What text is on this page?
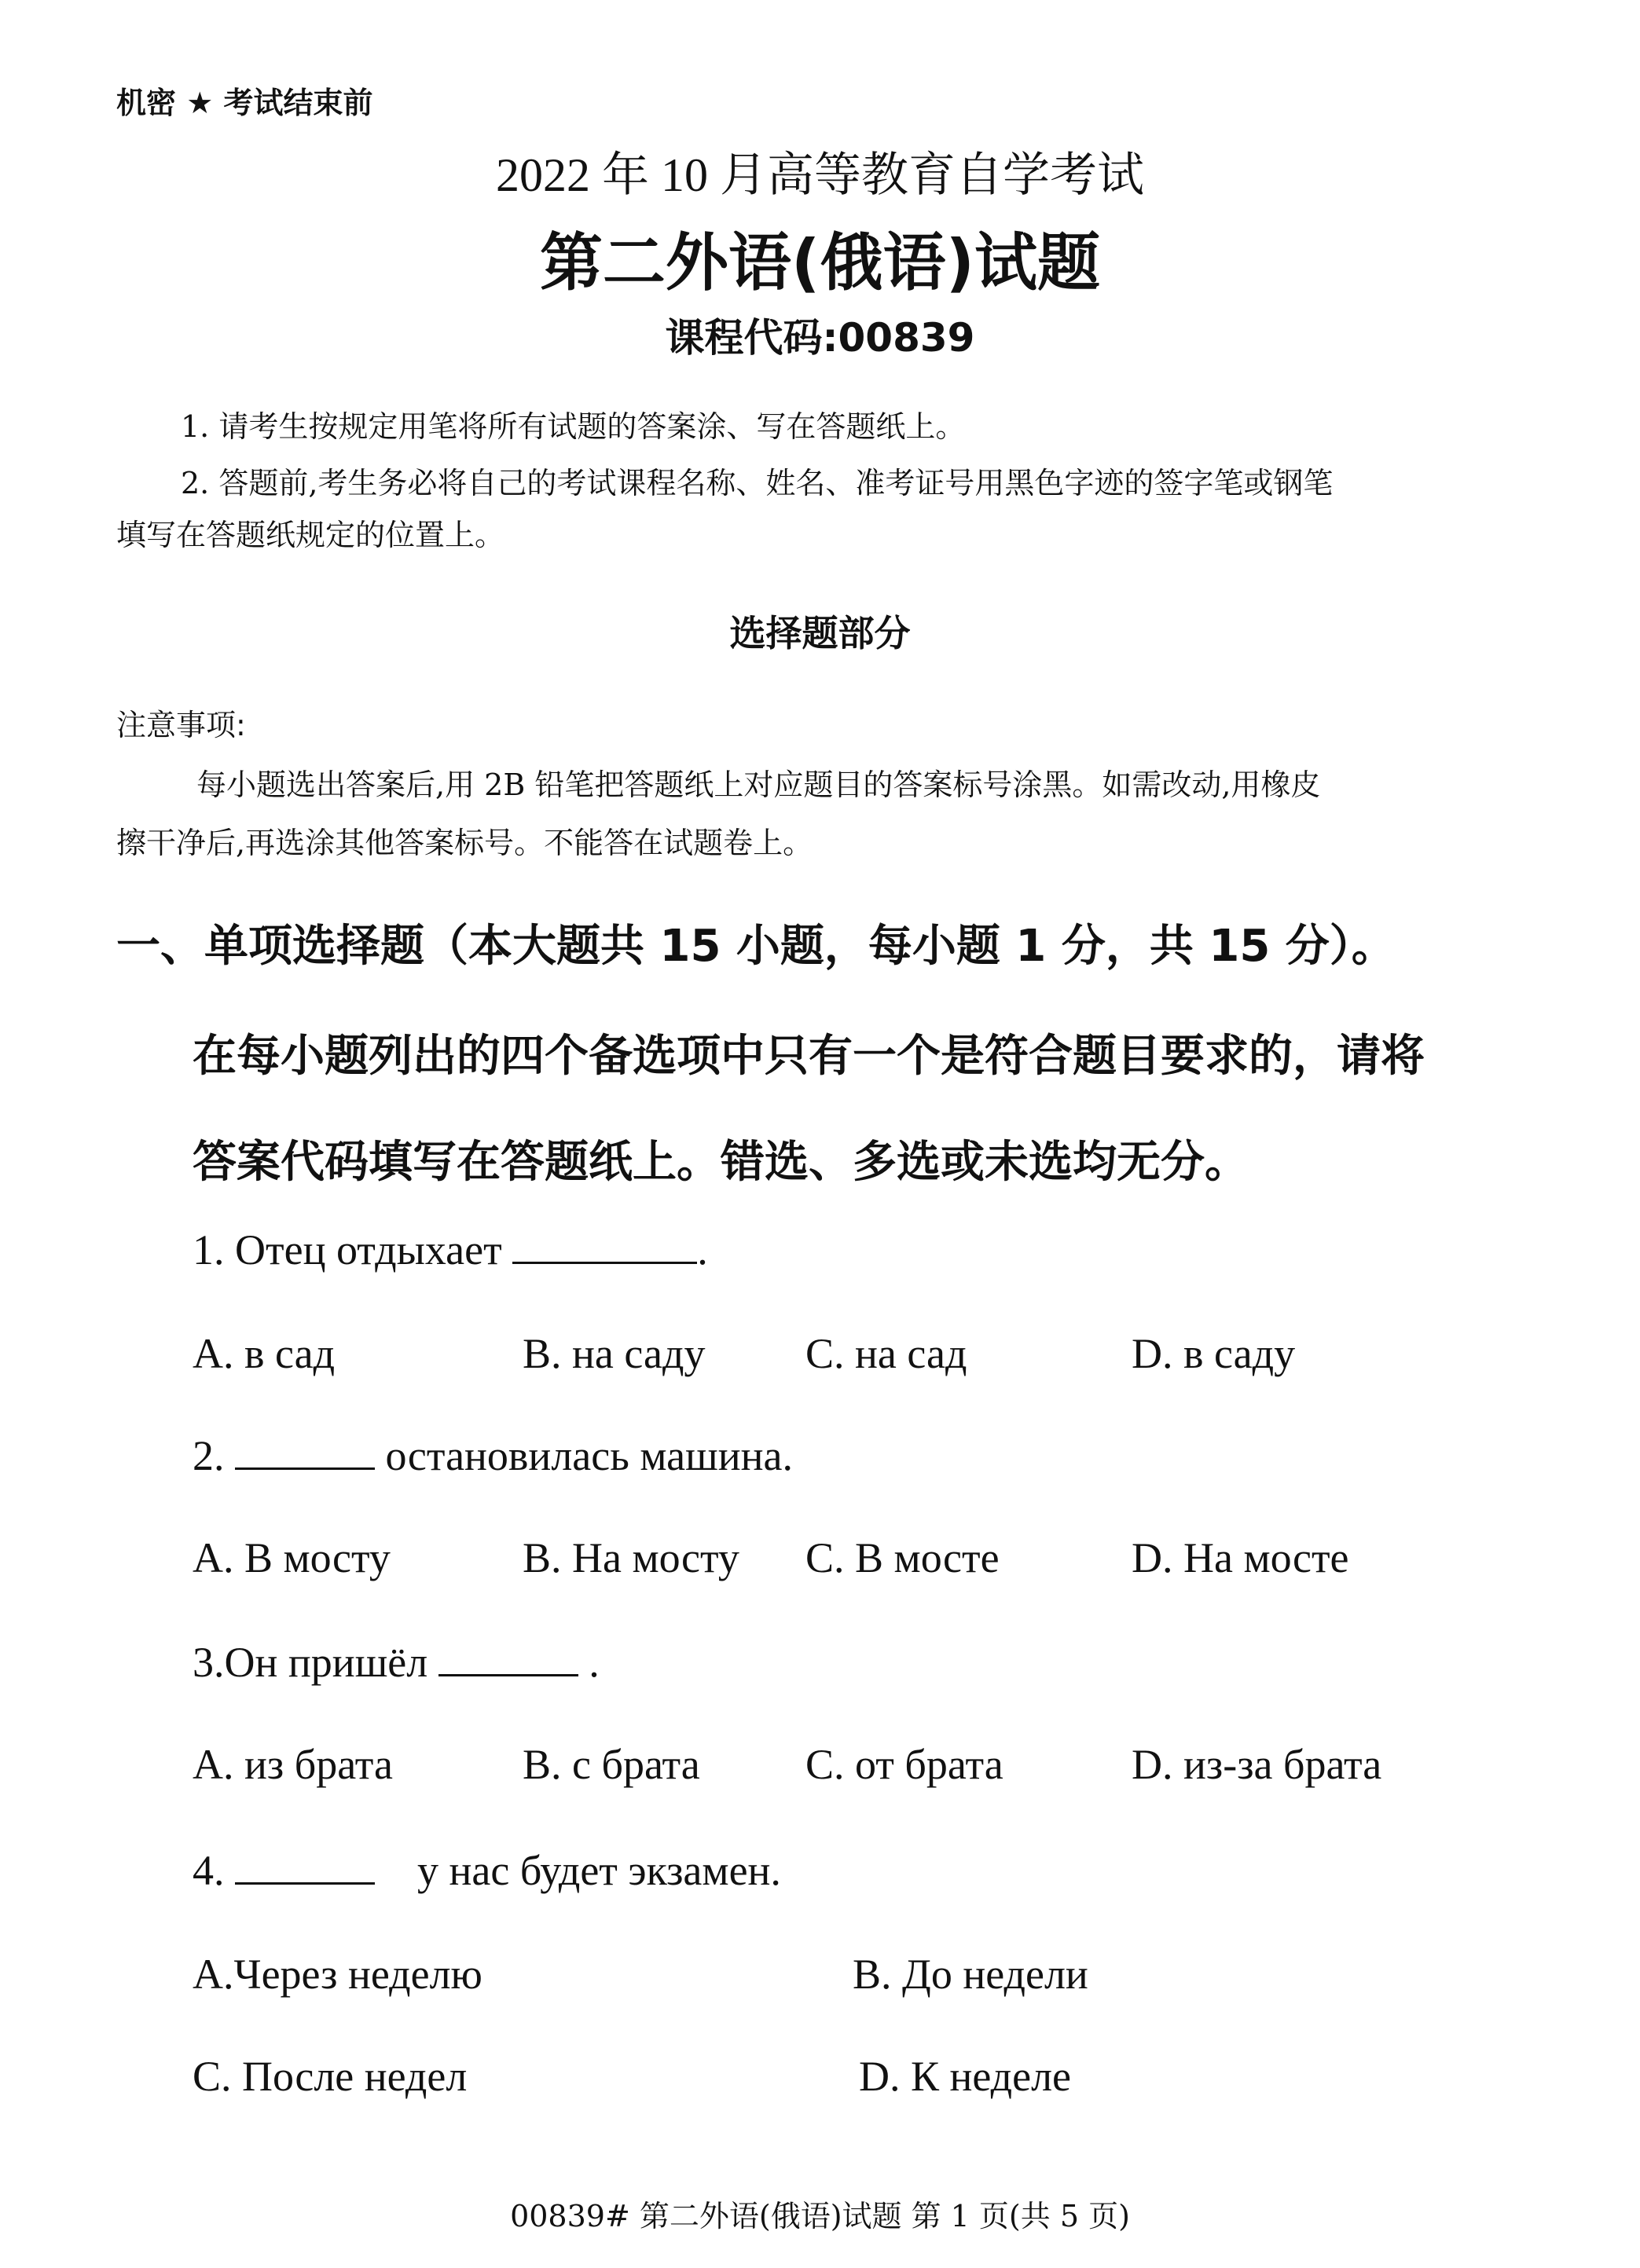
机密 ★ 考试结束前
2022 年 10 月高等教育自学考试
第二外语(俄语)试题
课程代码:00839
1. 请考生按规定用笔将所有试题的答案涂、写在答题纸上。
2. 答题前,考生务必将自己的考试课程名称、姓名、准考证号用黑色字迹的签字笔或钢笔
填写在答题纸规定的位置上。
选择题部分
注意事项:
每小题选出答案后,用 2B 铅笔把答题纸上对应题目的答案标号涂黑。如需改动,用橡皮
擦干净后,再选涂其他答案标号。不能答在试题卷上。
一、单项选择题（本大题共 15 小题，每小题 1 分，共 15 分）。
在每小题列出的四个备选项中只有一个是符合题目要求的，请将
答案代码填写在答题纸上。错选、多选或未选均无分。
1. Отец отдыхает	.
A. в сад	B. на саду C. на сад	D. в саду
2.	остановилась машина.
A. В мосту	B. На мосту C. В мосте	D. На мосте
3.Он пришёл	.
A. из брата	B. с брата C. от брата	D. из-за брата
4.	у нас будет экзамен.
A.Через неделю	B. До недели
C. После недел	D. К неделе
00839# 第二外语(俄语)试题 第 1 页(共 5 页)
